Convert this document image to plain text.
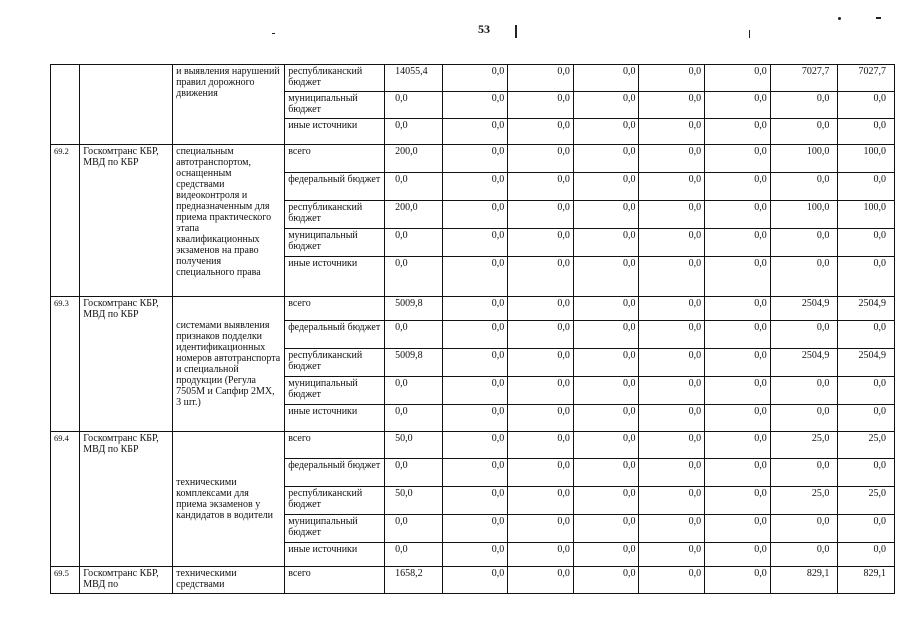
53
		и выявления нарушений правил дорожного движения	республиканский бюджет	14055,4	0,0	0,0	0,0	0,0	0,0	7027,7	7027,7
			муниципальный бюджет	0,0	0,0	0,0	0,0	0,0	0,0	0,0	0,0
			иные источники	0,0	0,0	0,0	0,0	0,0	0,0	0,0	0,0
69.2	Госкомтранс КБР, МВД по КБР	специальным автотранспортом, оснащенным средствами видеоконтроля и предназначенным для приема практического этапа квалификационных экзаменов на право получения специального права	всего	200,0	0,0	0,0	0,0	0,0	0,0	100,0	100,0
			федеральный бюджет	0,0	0,0	0,0	0,0	0,0	0,0	0,0	0,0
			республиканский бюджет	200,0	0,0	0,0	0,0	0,0	0,0	100,0	100,0
			муниципальный бюджет	0,0	0,0	0,0	0,0	0,0	0,0	0,0	0,0
			иные источники	0,0	0,0	0,0	0,0	0,0	0,0	0,0	0,0
69.3	Госкомтранс КБР, МВД по КБР	системами выявления признаков подделки идентификационных номеров автотранспорта и специальной продукции (Регула 7505М и Сапфир 2МХ, 3 шт.)	всего	5009,8	0,0	0,0	0,0	0,0	0,0	2504,9	2504,9
			федеральный бюджет	0,0	0,0	0,0	0,0	0,0	0,0	0,0	0,0
			республиканский бюджет	5009,8	0,0	0,0	0,0	0,0	0,0	2504,9	2504,9
			муниципальный бюджет	0,0	0,0	0,0	0,0	0,0	0,0	0,0	0,0
			иные источники	0,0	0,0	0,0	0,0	0,0	0,0	0,0	0,0
69.4	Госкомтранс КБР, МВД по КБР	техническими комплексами для приема экзаменов у кандидатов в водители	всего	50,0	0,0	0,0	0,0	0,0	0,0	25,0	25,0
			федеральный бюджет	0,0	0,0	0,0	0,0	0,0	0,0	0,0	0,0
			республиканский бюджет	50,0	0,0	0,0	0,0	0,0	0,0	25,0	25,0
			муниципальный бюджет	0,0	0,0	0,0	0,0	0,0	0,0	0,0	0,0
			иные источники	0,0	0,0	0,0	0,0	0,0	0,0	0,0	0,0
69.5	Госкомтранс КБР, МВД по	техническими средствами	всего	1658,2	0,0	0,0	0,0	0,0	0,0	829,1	829,1
